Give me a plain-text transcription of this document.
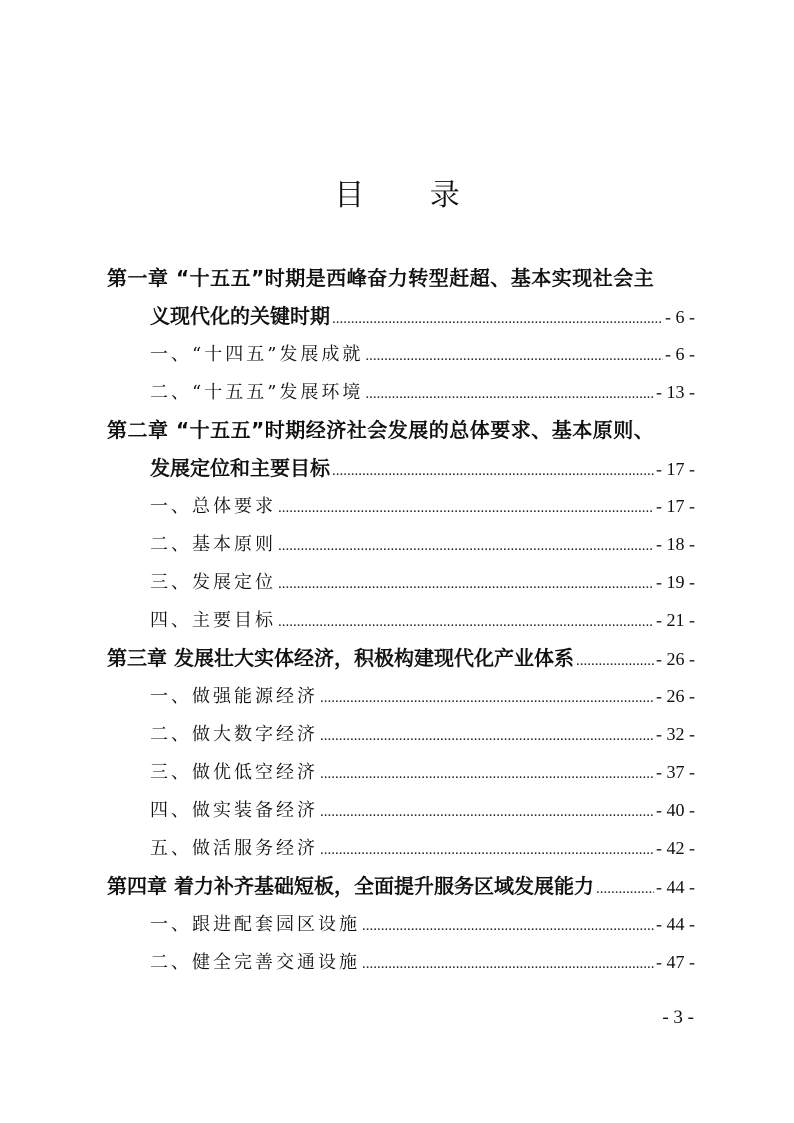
目 录
第一章 “十五五”时期是西峰奋力转型赶超、基本实现社会主
义现代化的关键时期 .....	- 6 -
一、“十四五”发展成就 .....	- 6 -
二、“十五五”发展环境 .....	- 13 -
第二章 “十五五”时期经济社会发展的总体要求、基本原则、
发展定位和主要目标 .....	- 17 -
一、总体要求 .....	- 17 -
二、基本原则 .....	- 18 -
三、发展定位 .....	- 19 -
四、主要目标 .....	- 21 -
第三章 发展壮大实体经济，积极构建现代化产业体系 .....	- 26 -
一、做强能源经济 .....	- 26 -
二、做大数字经济 .....	- 32 -
三、做优低空经济 .....	- 37 -
四、做实装备经济 .....	- 40 -
五、做活服务经济 .....	- 42 -
第四章 着力补齐基础短板，全面提升服务区域发展能力 .....	- 44 -
一、跟进配套园区设施 .....	- 44 -
二、健全完善交通设施 .....	- 47 -
- 3 -
